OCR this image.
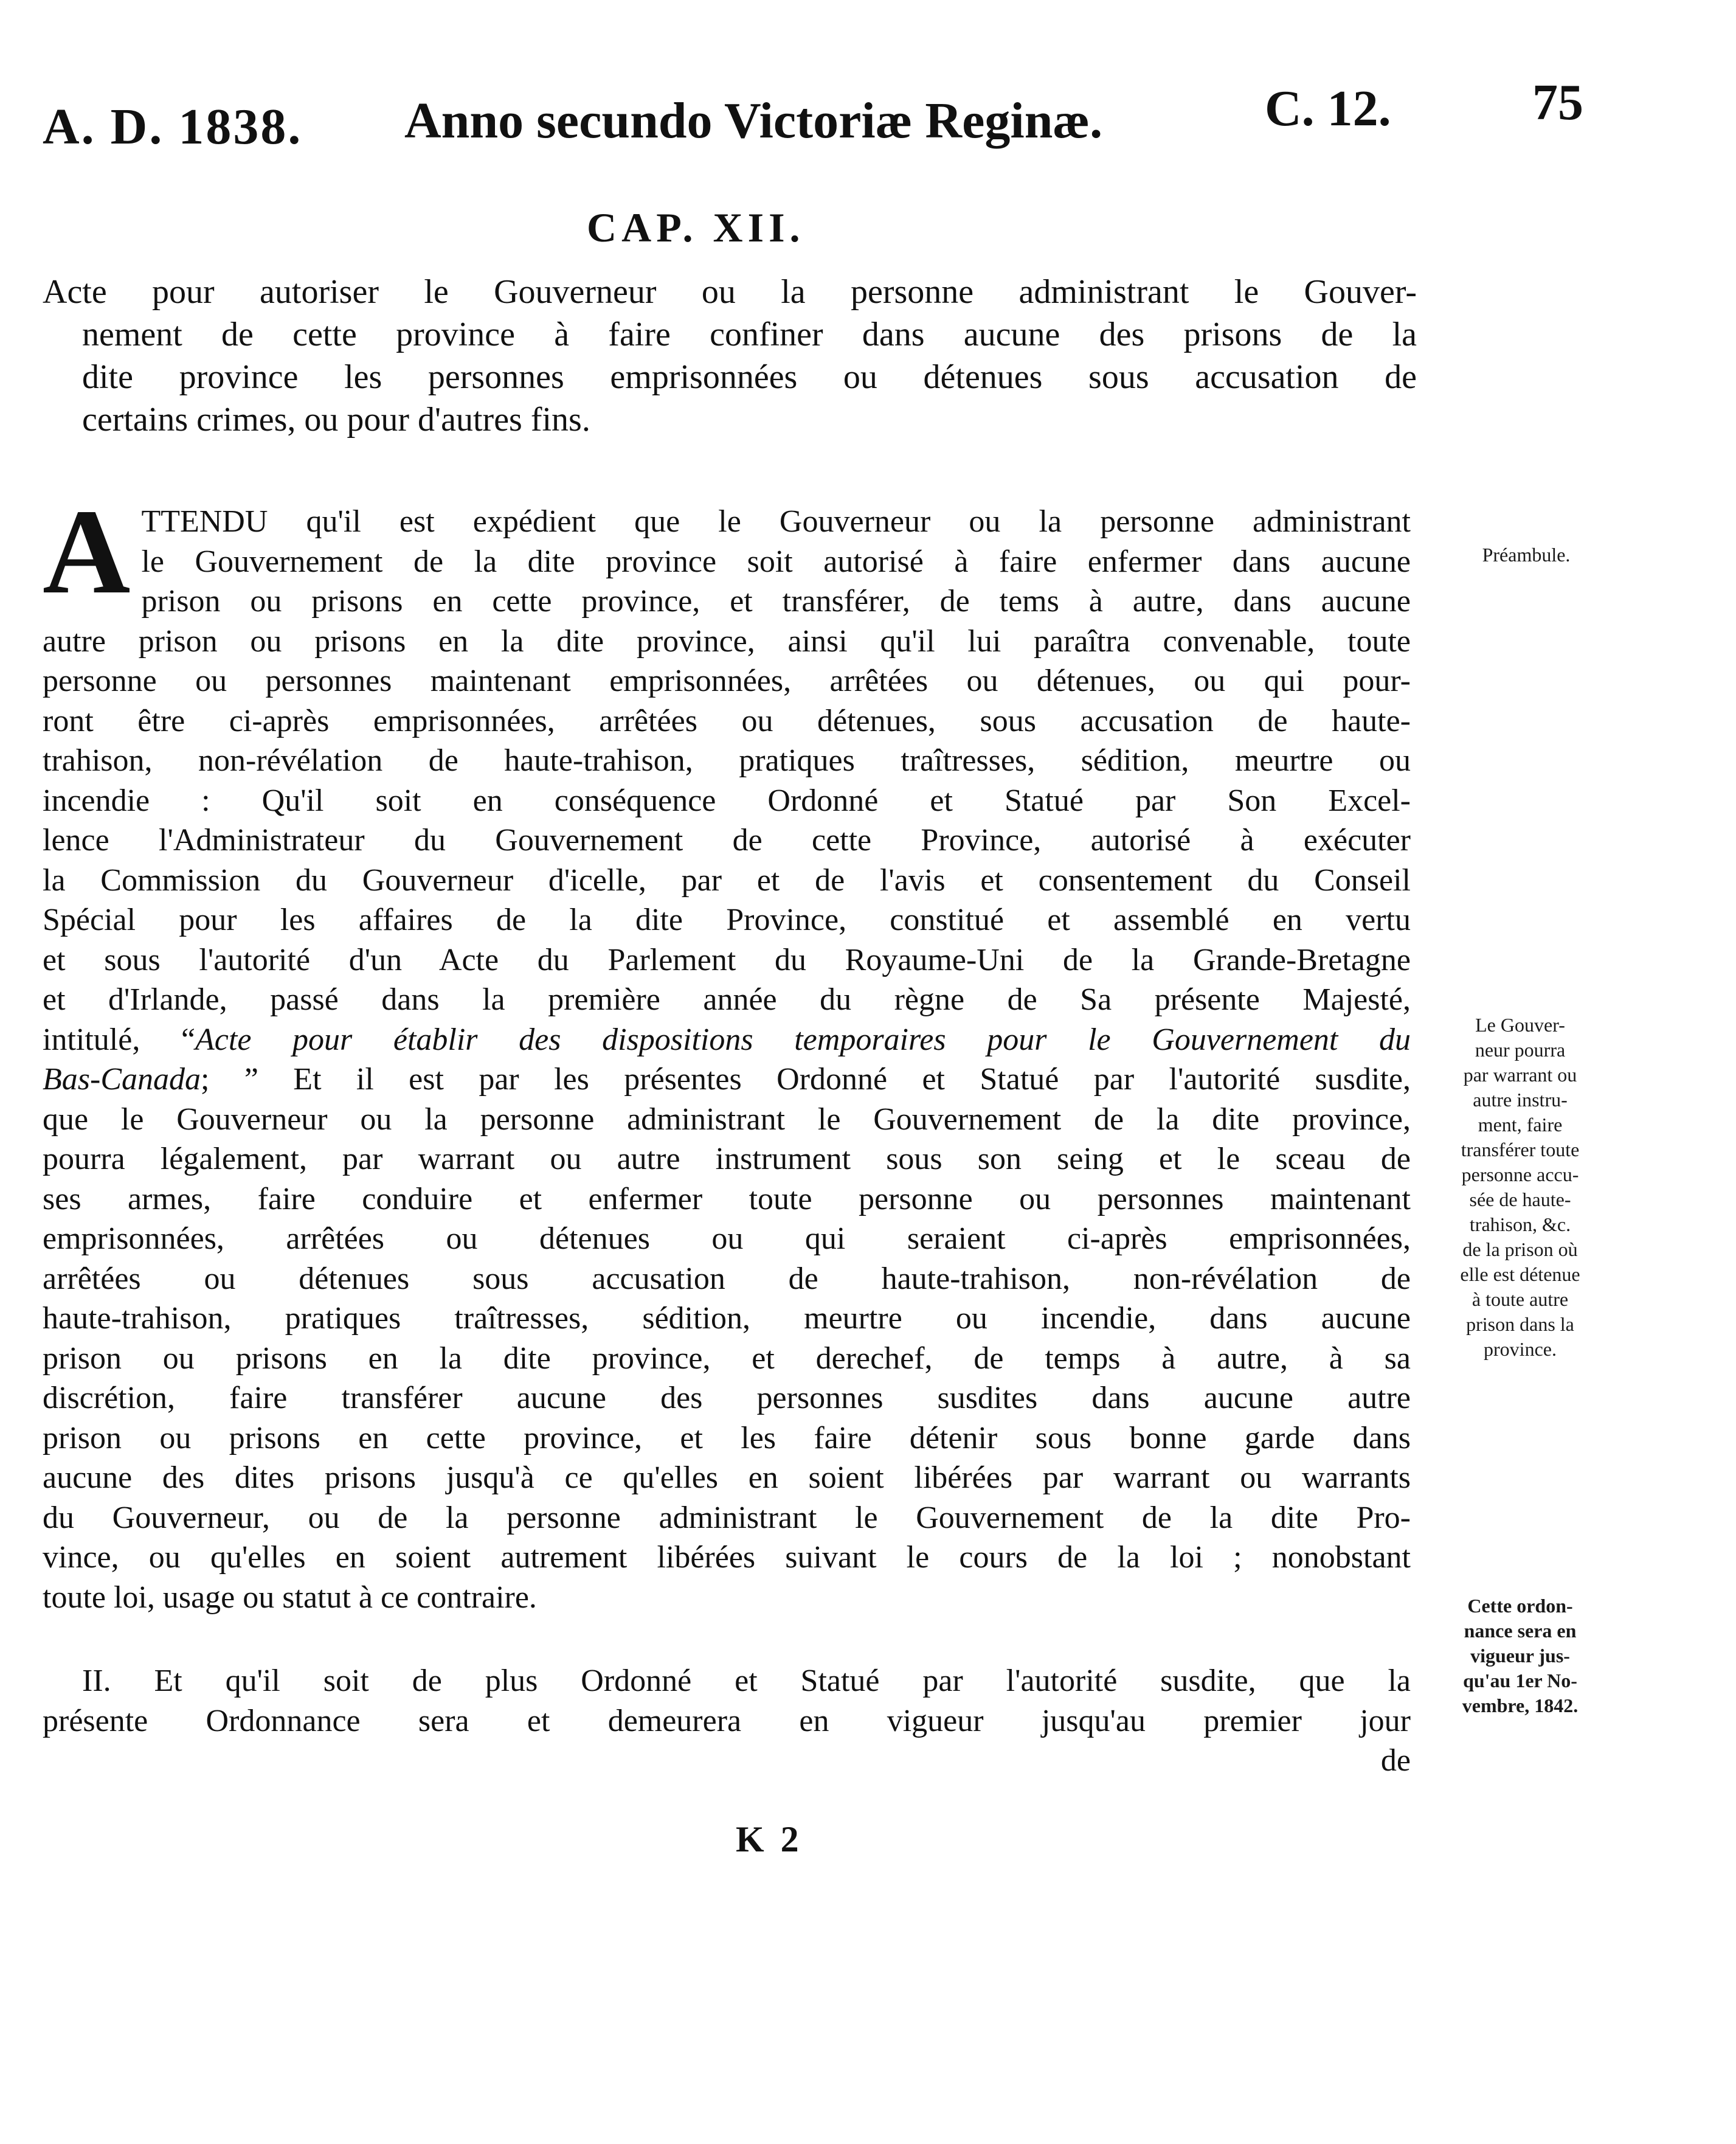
A. D. 1838. Anno secundo Victoriæ Reginæ.	C. 12.	75
CAP. XII.
Acte pour autoriser le Gouverneur ou la personne administrant le Gouver-
nement de cette province à faire confiner dans aucune des prisons de la
dite province les personnes emprisonnées ou détenues sous accusation de
certains crimes, ou pour d'autres fins.
A TTENDU qu'il est expédient que le Gouverneur ou la personne administrant
le Gouvernement de la dite province soit autorisé à faire enfermer dans aucune
prison ou prisons en cette province, et transférer, de tems à autre, dans aucune
autre prison ou prisons en la dite province, ainsi qu'il lui paraîtra convenable, toute
personne ou personnes maintenant emprisonnées, arrêtées ou détenues, ou qui pour-
ront être ci-après emprisonnées, arrêtées ou détenues, sous accusation de haute-
trahison, non-révélation de haute-trahison, pratiques traîtresses, sédition, meurtre ou
incendie : Qu'il soit en conséquence Ordonné et Statué par Son Excel-
lence l'Administrateur du Gouvernement de cette Province, autorisé à exécuter
la Commission du Gouverneur d'icelle, par et de l'avis et consentement du Conseil
Spécial pour les affaires de la dite Province, constitué et assemblé en vertu
et sous l'autorité d'un Acte du Parlement du Royaume-Uni de la Grande-Bretagne
et d'Irlande, passé dans la première année du règne de Sa présente Majesté,
intitulé, “Acte pour établir des dispositions temporaires pour le Gouvernement du
Bas-Canada; ” Et il est par les présentes Ordonné et Statué par l'autorité susdite,
que le Gouverneur ou la personne administrant le Gouvernement de la dite province,
pourra légalement, par warrant ou autre instrument sous son seing et le sceau de
ses armes, faire conduire et enfermer toute personne ou personnes maintenant
emprisonnées, arrêtées ou détenues ou qui seraient ci-après emprisonnées,
arrêtées ou détenues sous accusation de haute-trahison, non-révélation de
haute-trahison, pratiques traîtresses, sédition, meurtre ou incendie, dans aucune
prison ou prisons en la dite province, et derechef, de temps à autre, à sa
discrétion, faire transférer aucune des personnes susdites dans aucune autre
prison ou prisons en cette province, et les faire détenir sous bonne garde dans
aucune des dites prisons jusqu'à ce qu'elles en soient libérées par warrant ou warrants
du Gouverneur, ou de la personne administrant le Gouvernement de la dite Pro-
vince, ou qu'elles en soient autrement libérées suivant le cours de la loi ; nonobstant
toute loi, usage ou statut à ce contraire.
II. Et qu'il soit de plus Ordonné et Statué par l'autorité susdite, que la
présente Ordonnance sera et demeurera en vigueur jusqu'au premier jour
de
Préambule.
Le Gouver-
neur pourra
par warrant ou
autre instru-
ment, faire
transférer toute
personne accu-
sée de haute-
trahison, &c.
de la prison où
elle est détenue
à toute autre
prison dans la
province.
Cette ordon-
nance sera en
vigueur jus-
qu'au 1er No-
vembre, 1842.
K 2
